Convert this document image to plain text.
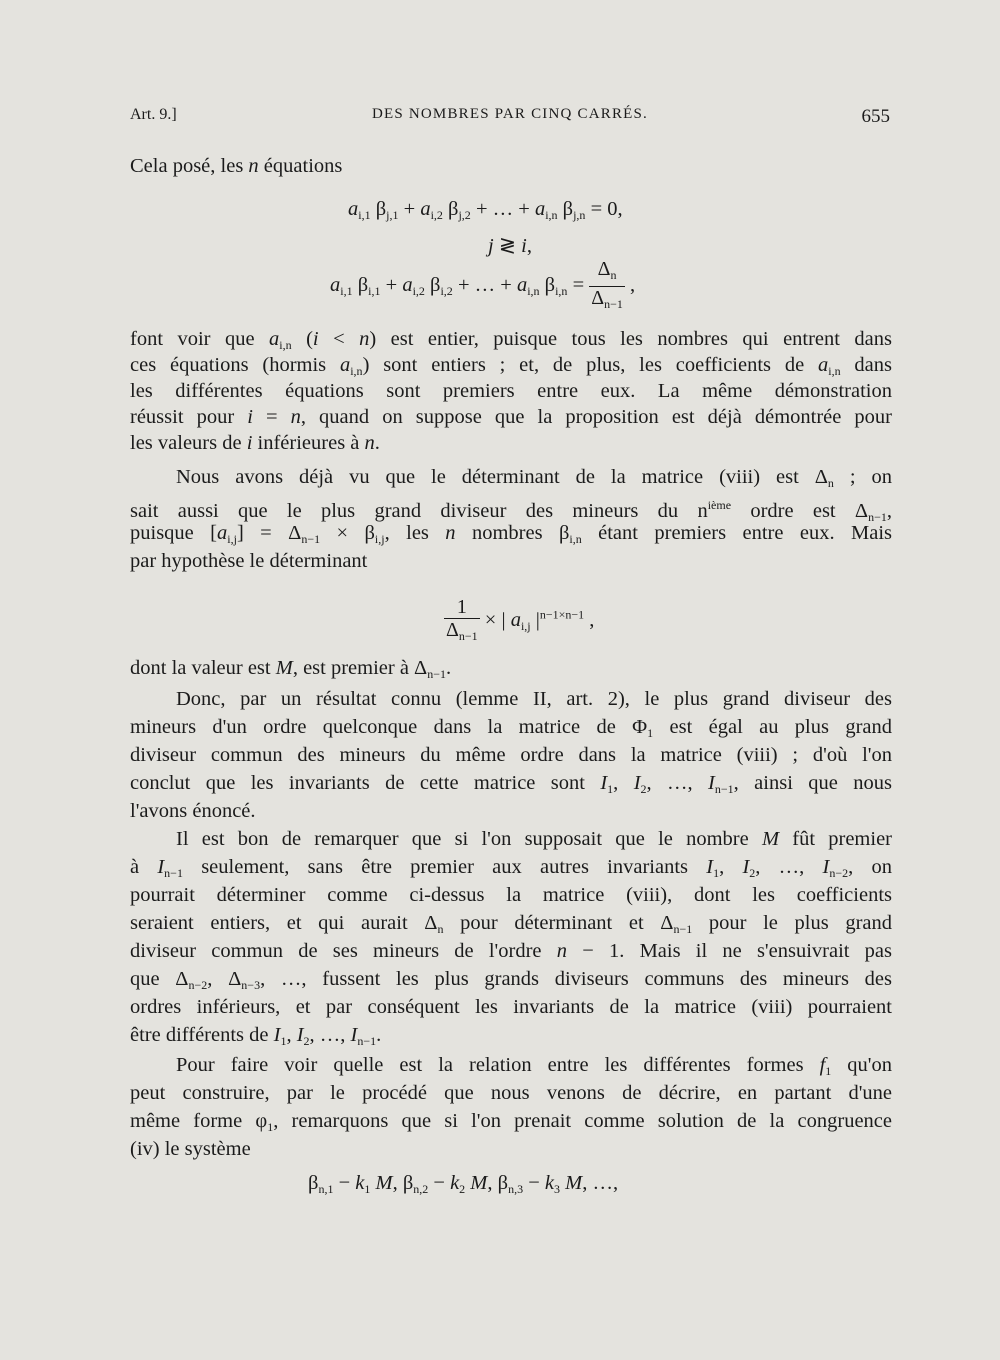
Art. 9.]	DES NOMBRES PAR CINQ CARRÉS.	655
Cela posé, les n équations
$a_{i,1}$ $\beta_{j,1} + a_{i,2}$ $\beta_{j,2}$ + … + $a_{i,n}$ $\beta_{j,n} = 0$,
j ≷ i,
$a_{i,1}$ $\beta_{i,1} + a_{i,2}$ $\beta_{i,2}$ + … + $a_{i,n}$ $\beta_{i,n} = \frac{\Delta_n}{\Delta_{n-1}}$ ,
font voir que $a_{i,n}$ (i < n) est entier, puisque tous les nombres qui entrent dans
ces équations (hormis $a_{i,n}$) sont entiers ; et, de plus, les coefficients de $a_{i,n}$ dans
les différentes équations sont premiers entre eux. La même démonstration
réussit pour i = n, quand on suppose que la proposition est déjà démontrée pour
les valeurs de i inférieures à n.
Nous avons déjà vu que le déterminant de la matrice (viii) est $\Delta_n$ ; on
sait aussi que le plus grand diviseur des mineurs du $n^{ième}$ ordre est $\Delta_{n-1}$,
puisque $[a_{i,j}] = \Delta_{n-1} \times \beta_{i,j}$, les n nombres $\beta_{i,n}$ étant premiers entre eux. Mais
par hypothèse le déterminant
$\frac{1}{\Delta_{n-1}}$ × | $a_{i,j}$ $|^{n-1\times n-1}$ ,
dont la valeur est M, est premier à $\Delta_{n-1}$.
Donc, par un résultat connu (lemme II, art. 2), le plus grand diviseur des
mineurs d'un ordre quelconque dans la matrice de $\Phi_1$ est égal au plus grand
diviseur commun des mineurs du même ordre dans la matrice (viii) ; d'où l'on
conclut que les invariants de cette matrice sont $I_1$, $I_2$, …, $I_{n-1}$, ainsi que nous
l'avons énoncé.
Il est bon de remarquer que si l'on supposait que le nombre M fût premier
à $I_{n-1}$ seulement, sans être premier aux autres invariants $I_1$, $I_2$, …, $I_{n-2}$, on
pourrait déterminer comme ci-dessus la matrice (viii), dont les coefficients
seraient entiers, et qui aurait $\Delta_n$ pour déterminant et $\Delta_{n-1}$ pour le plus grand
diviseur commun de ses mineurs de l'ordre n − 1. Mais il ne s'ensuivrait pas
que $\Delta_{n-2}$, $\Delta_{n-3}$, …, fussent les plus grands diviseurs communs des mineurs des
ordres inférieurs, et par conséquent les invariants de la matrice (viii) pourraient
être différents de $I_1$, $I_2$, …, $I_{n-1}$.
Pour faire voir quelle est la relation entre les différentes formes $f_1$ qu'on
peut construire, par le procédé que nous venons de décrire, en partant d'une
même forme $\varphi_1$, remarquons que si l'on prenait comme solution de la congruence
(iv) le système
$\beta_{n,1} - k_1$ M, $\beta_{n,2} - k_2$ M, $\beta_{n,3} - k_3$ M, …,
